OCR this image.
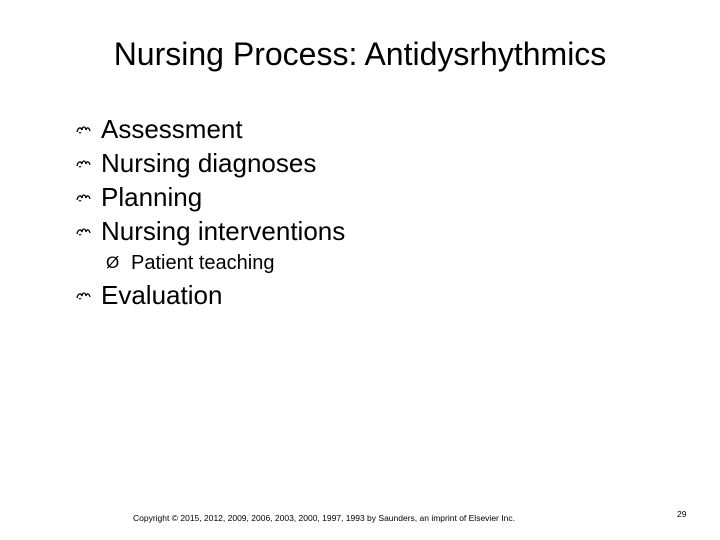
Nursing Process: Antidysrhythmics
Assessment
Nursing diagnoses
Planning
Nursing interventions
Ø Patient teaching
Evaluation
Copyright © 2015, 2012, 2009, 2006, 2003, 2000, 1997, 1993 by Saunders, an imprint of Elsevier Inc.	29
